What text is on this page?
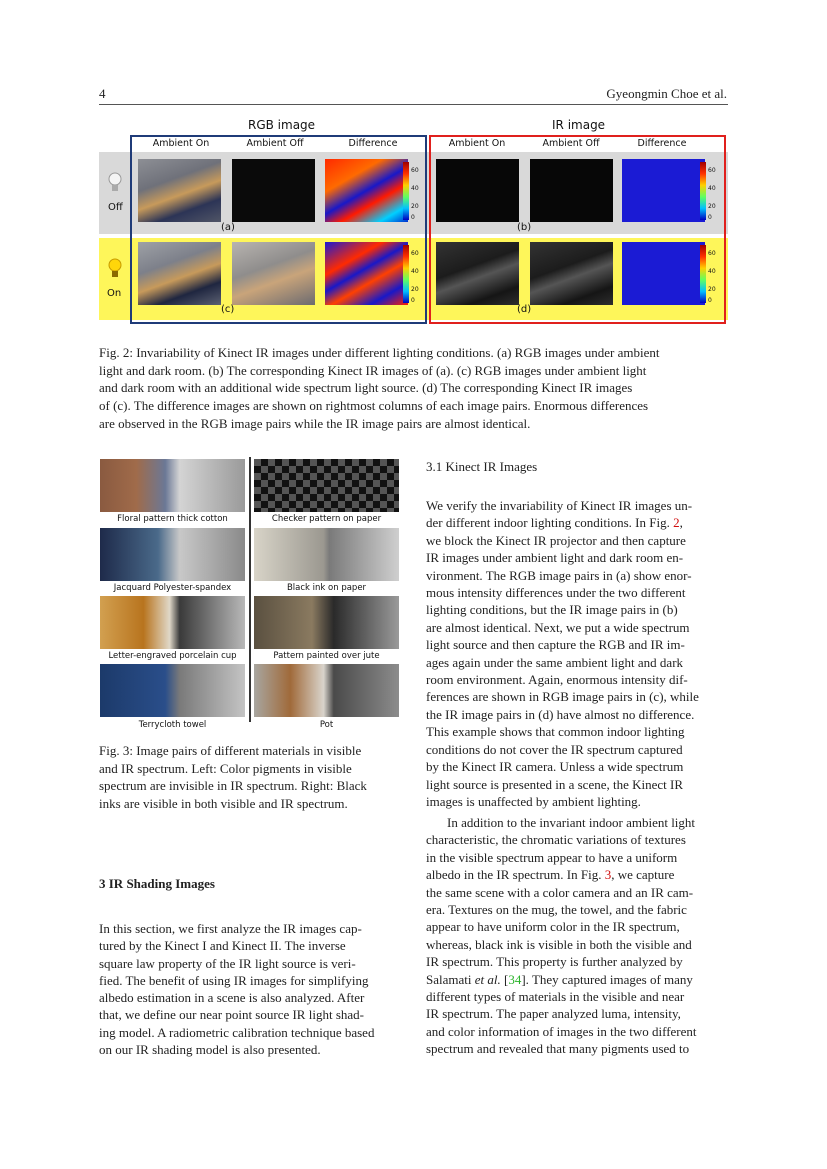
4	Gyeongmin Choe et al.
RGB image	IR image
Ambient On	Ambient Off	Difference	Ambient On	Ambient Off	Difference
Off
On
60
40
20
0
(a)
60
40
20
0
(b)
60
40
20
0
(c)
60
40
20
0
(d)
Fig. 2: Invariability of Kinect IR images under different lighting conditions. (a) RGB images under ambient
light and dark room. (b) The corresponding Kinect IR images of (a). (c) RGB images under ambient light
and dark room with an additional wide spectrum light source. (d) The corresponding Kinect IR images
of (c). The difference images are shown on rightmost columns of each image pairs. Enormous differences
are observed in the RGB image pairs while the IR image pairs are almost identical.
Floral pattern thick cotton	Checker pattern on paper
Jacquard Polyester-spandex	Black ink on paper
Letter-engraved porcelain cup	Pattern painted over jute
Terrycloth towel	Pot
Fig. 3: Image pairs of different materials in visible
and IR spectrum. Left: Color pigments in visible
spectrum are invisible in IR spectrum. Right: Black
inks are visible in both visible and IR spectrum.
3 IR Shading Images
In this section, we first analyze the IR images cap-
tured by the Kinect I and Kinect II. The inverse
square law property of the IR light source is veri-
fied. The benefit of using IR images for simplifying
albedo estimation in a scene is also analyzed. After
that, we define our near point source IR light shad-
ing model. A radiometric calibration technique based
on our IR shading model is also presented.
3.1 Kinect IR Images
We verify the invariability of Kinect IR images un-
der different indoor lighting conditions. In Fig. 2,
we block the Kinect IR projector and then capture
IR images under ambient light and dark room en-
vironment. The RGB image pairs in (a) show enor-
mous intensity differences under the two different
lighting conditions, but the IR image pairs in (b)
are almost identical. Next, we put a wide spectrum
light source and then capture the RGB and IR im-
ages again under the same ambient light and dark
room environment. Again, enormous intensity dif-
ferences are shown in RGB image pairs in (c), while
the IR image pairs in (d) have almost no difference.
This example shows that common indoor lighting
conditions do not cover the IR spectrum captured
by the Kinect IR camera. Unless a wide spectrum
light source is presented in a scene, the Kinect IR
images is unaffected by ambient lighting.
In addition to the invariant indoor ambient light
characteristic, the chromatic variations of textures
in the visible spectrum appear to have a uniform
albedo in the IR spectrum. In Fig. 3, we capture
the same scene with a color camera and an IR cam-
era. Textures on the mug, the towel, and the fabric
appear to have uniform color in the IR spectrum,
whereas, black ink is visible in both the visible and
IR spectrum. This property is further analyzed by
Salamati et al. [34]. They captured images of many
different types of materials in the visible and near
IR spectrum. The paper analyzed luma, intensity,
and color information of images in the two different
spectrum and revealed that many pigments used to
